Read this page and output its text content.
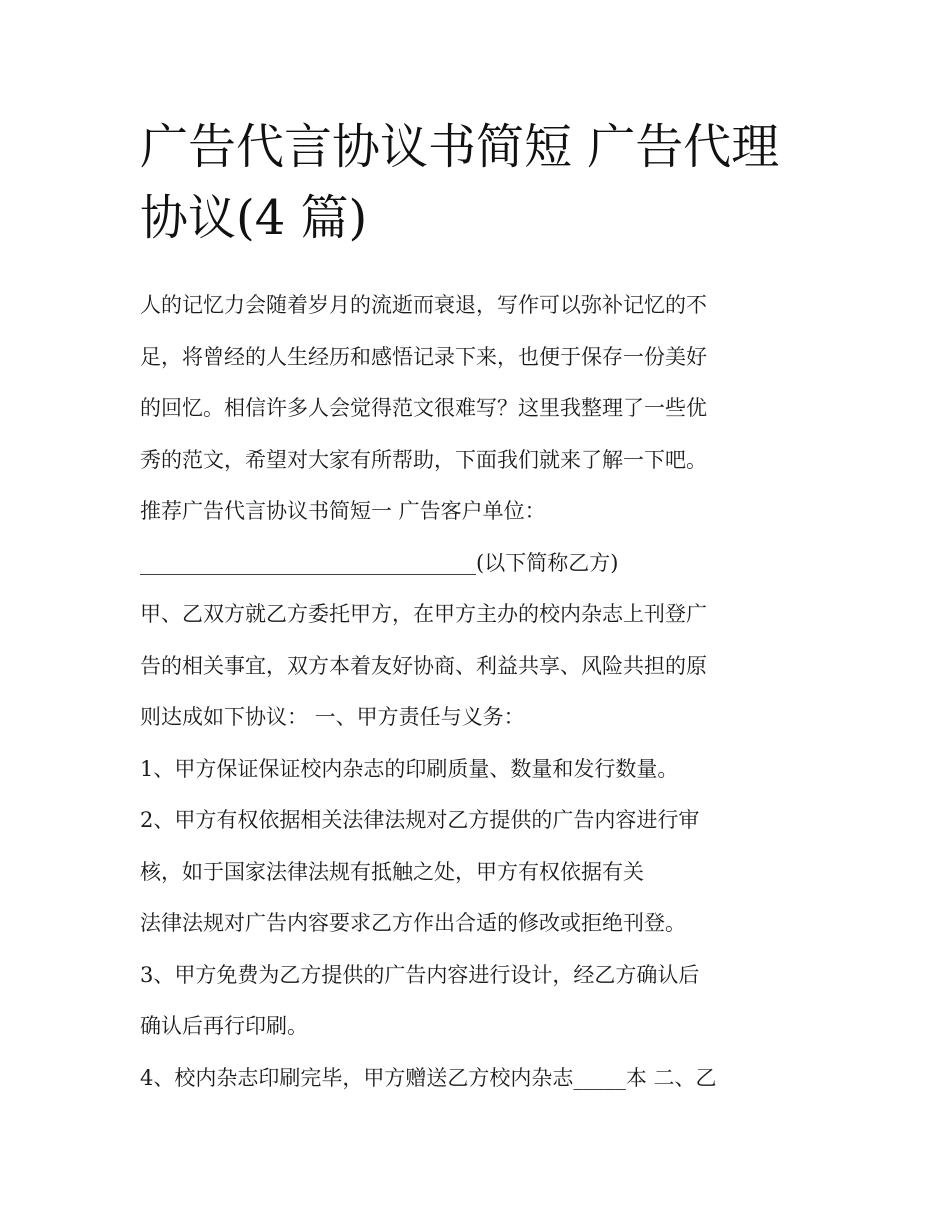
广告代言协议书简短 广告代理
协议(4 篇)

人的记忆力会随着岁月的流逝而衰退，写作可以弥补记忆的不

足，将曾经的人生经历和感悟记录下来，也便于保存一份美好

的回忆。相信许多人会觉得范文很难写？这里我整理了一些优

秀的范文，希望对大家有所帮助，下面我们就来了解一下吧。

推荐广告代言协议书简短一 广告客户单位：

________________________________(以下简称乙方)

甲、乙双方就乙方委托甲方，在甲方主办的校内杂志上刊登广

告的相关事宜，双方本着友好协商、利益共享、风险共担的原

则达成如下协议： 一、甲方责任与义务：

1、甲方保证保证校内杂志的印刷质量、数量和发行数量。

2、甲方有权依据相关法律法规对乙方提供的广告内容进行审

核，如于国家法律法规有抵触之处，甲方有权依据有关

法律法规对广告内容要求乙方作出合适的修改或拒绝刊登。

3、甲方免费为乙方提供的广告内容进行设计，经乙方确认后

确认后再行印刷。

4、校内杂志印刷完毕，甲方赠送乙方校内杂志_____本 二、乙
